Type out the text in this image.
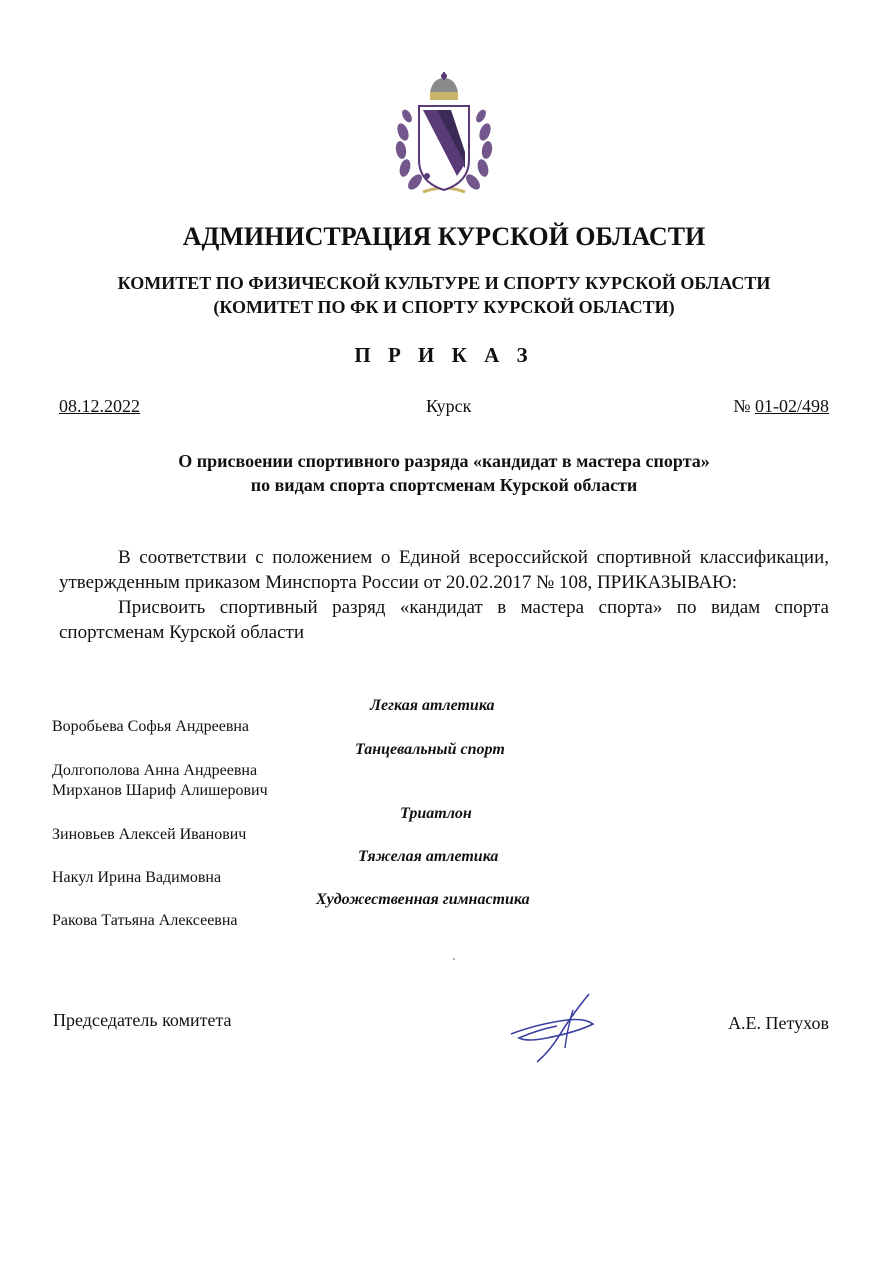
АДМИНИСТРАЦИЯ КУРСКОЙ ОБЛАСТИ
КОМИТЕТ ПО ФИЗИЧЕСКОЙ КУЛЬТУРЕ И СПОРТУ КУРСКОЙ ОБЛАСТИ
(КОМИТЕТ ПО ФК И СПОРТУ КУРСКОЙ ОБЛАСТИ)
П Р И К А З
08.12.2022	Курск	№ 01-02/498
О присвоении спортивного разряда «кандидат в мастера спорта»
по видам спорта спортсменам Курской области

В соответствии с положением о Единой всероссийской спортивной классификации, утвержденным приказом Минспорта России от 20.02.2017 № 108, ПРИКАЗЫВАЮ:

Присвоить спортивный разряд «кандидат в мастера спорта» по видам спорта спортсменам Курской области

Легкая атлетика
Воробьева Софья Андреевна
Танцевальный спорт
Долгополова Анна Андреевна
Мирханов Шариф Алишерович
Триатлон
Зиновьев Алексей Иванович
Тяжелая атлетика
Накул Ирина Вадимовна
Художественная гимнастика
Ракова Татьяна Алексеевна
Председатель комитета	А.Е. Петухов
